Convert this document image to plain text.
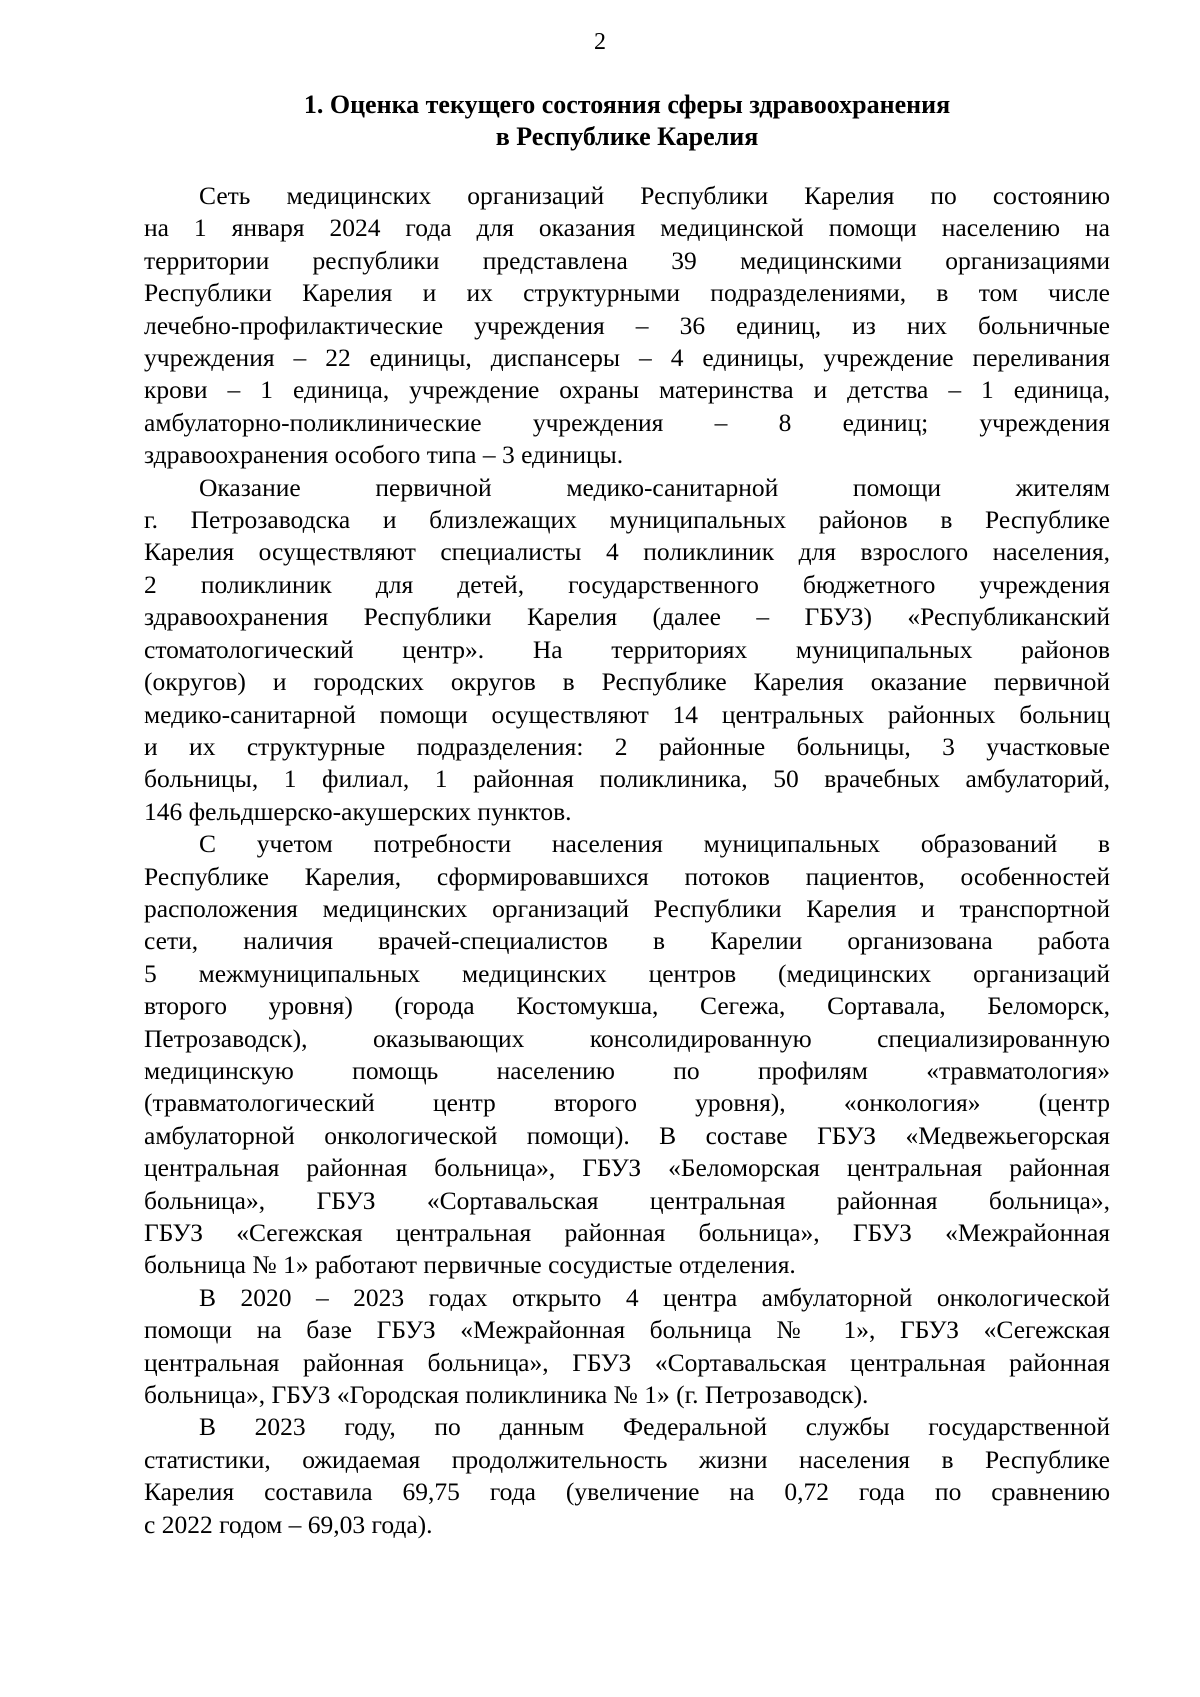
2
1. Оценка текущего состояния сферы здравоохранения
в Республике Карелия

Сеть медицинских организаций Республики Карелия по состоянию
на 1 января 2024 года для оказания медицинской помощи населению на
территории республики представлена 39 медицинскими организациями
Республики Карелия и их структурными подразделениями, в том числе
лечебно-профилактические учреждения – 36 единиц, из них больничные
учреждения – 22 единицы, диспансеры – 4 единицы, учреждение переливания
крови – 1 единица, учреждение охраны материнства и детства – 1 единица,
амбулаторно-поликлинические учреждения – 8 единиц; учреждения
здравоохранения особого типа – 3 единицы.

Оказание первичной медико-санитарной помощи жителям
г. Петрозаводска и близлежащих муниципальных районов в Республике
Карелия осуществляют специалисты 4 поликлиник для взрослого населения,
2 поликлиник для детей, государственного бюджетного учреждения
здравоохранения Республики Карелия (далее – ГБУЗ) «Республиканский
стоматологический центр». На территориях муниципальных районов
(округов) и городских округов в Республике Карелия оказание первичной
медико-санитарной помощи осуществляют 14 центральных районных больниц
и их структурные подразделения: 2 районные больницы, 3 участковые
больницы, 1 филиал, 1 районная поликлиника, 50 врачебных амбулаторий,
146 фельдшерско-акушерских пунктов.

С учетом потребности населения муниципальных образований в
Республике Карелия, сформировавшихся потоков пациентов, особенностей
расположения медицинских организаций Республики Карелия и транспортной
сети, наличия врачей-специалистов в Карелии организована работа
5 межмуниципальных медицинских центров (медицинских организаций
второго уровня) (города Костомукша, Сегежа, Сортавала, Беломорск,
Петрозаводск), оказывающих консолидированную специализированную
медицинскую помощь населению по профилям «травматология»
(травматологический центр второго уровня), «онкология» (центр
амбулаторной онкологической помощи). В составе ГБУЗ «Медвежьегорская
центральная районная больница», ГБУЗ «Беломорская центральная районная
больница», ГБУЗ «Сортавальская центральная районная больница»,
ГБУЗ «Сегежская центральная районная больница», ГБУЗ «Межрайонная
больница № 1» работают первичные сосудистые отделения.

В 2020 – 2023 годах открыто 4 центра амбулаторной онкологической
помощи на базе ГБУЗ «Межрайонная больница № 1», ГБУЗ «Сегежская
центральная районная больница», ГБУЗ «Сортавальская центральная районная
больница», ГБУЗ «Городская поликлиника № 1» (г. Петрозаводск).

В 2023 году, по данным Федеральной службы государственной
статистики, ожидаемая продолжительность жизни населения в Республике
Карелия составила 69,75 года (увеличение на 0,72 года по сравнению
с 2022 годом – 69,03 года).
